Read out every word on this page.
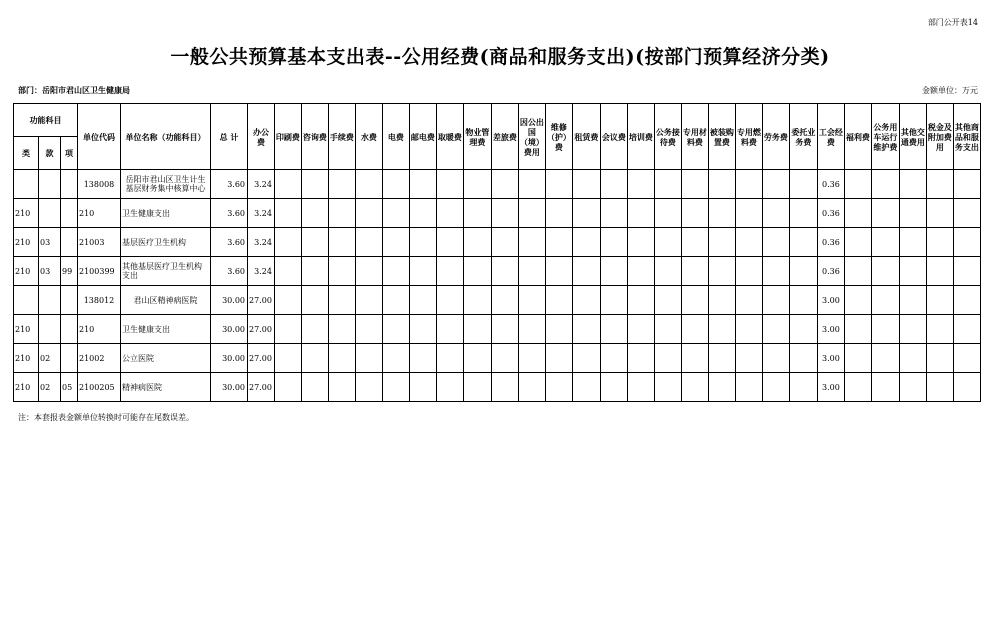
部门公开表14
一般公共预算基本支出表--公用经费(商品和服务支出)(按部门预算经济分类)
部门：岳阳市君山区卫生健康局	金额单位：万元
功能科目			单位代码	单位名称（功能科目）	总 计	办公费	印刷费	咨询费	手续费	水费	电费	邮电费	取暖费	物业管理费	差旅费	因公出国（境）费用	维修（护）费	租赁费	会议费	培训费	公务接待费	专用材料费	被装购置费	专用燃料费	劳务费	委托业务费	工会经费	福利费	公务用车运行维护费	其他交通费用	税金及附加费用	其他商品和服务支出
类	款	项																														
			138008	岳阳市君山区卫生计生基层财务集中核算中心	3.60	3.24																					0.36					
210			210	卫生健康支出	3.60	3.24																					0.36					
210	03		21003	基层医疗卫生机构	3.60	3.24																					0.36					
210	03	99	2100399	其他基层医疗卫生机构支出	3.60	3.24																					0.36					
			138012	君山区精神病医院	30.00	27.00																					3.00					
210			210	卫生健康支出	30.00	27.00																					3.00					
210	02		21002	公立医院	30.00	27.00																					3.00					
210	02	05	2100205	精神病医院	30.00	27.00																					3.00					
注：本套报表金额单位转换时可能存在尾数误差。
